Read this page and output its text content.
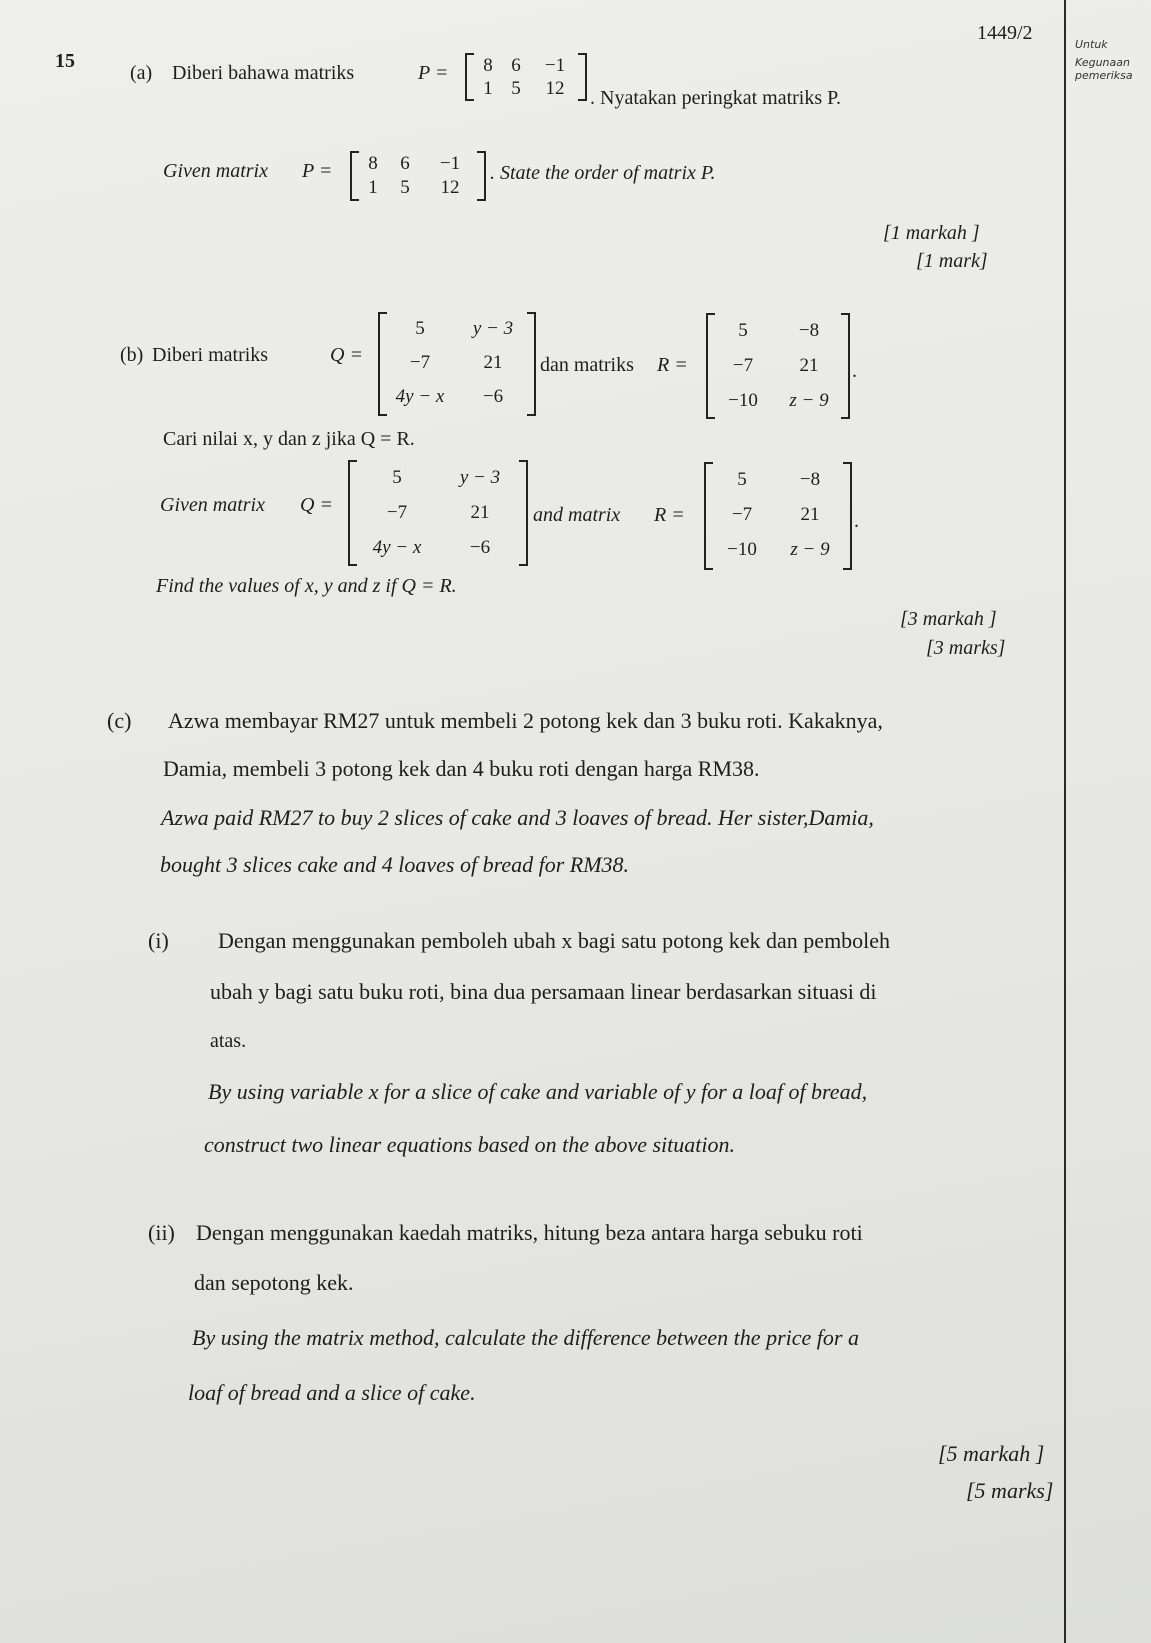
1449/2
Untuk
Kegunaan
pemeriksa
15
(a) Diberi bahawa matriks	P =	8 6	−1
1 5	12	. Nyatakan peringkat matriks P.
Given matrix P =	8	6	−1
1	5	12
. State the order of matrix P.
[1 markah ]
[1 mark]
(b) Diberi matriks	Q =
5	y − 3
−7	21
4y − x	−6
dan matriks R =
5	−8
−7	21
−10	z − 9
.
Cari nilai x, y dan z jika Q = R.
Given matrix Q =
5	y − 3
−7	21
4y − x	−6
and matrix R =
5	−8
−7	21
−10	z − 9
.
Find the values of x, y and z if Q = R.
[3 markah ]
[3 marks]
(c) Azwa membayar RM27 untuk membeli 2 potong kek dan 3 buku roti. Kakaknya,
Damia, membeli 3 potong kek dan 4 buku roti dengan harga RM38.
Azwa paid RM27 to buy 2 slices of cake and 3 loaves of bread. Her sister,Damia,
bought 3 slices cake and 4 loaves of bread for RM38.
(i) Dengan menggunakan pemboleh ubah x bagi satu potong kek dan pemboleh
ubah y bagi satu buku roti, bina dua persamaan linear berdasarkan situasi di
atas.
By using variable x for a slice of cake and variable of y for a loaf of bread,
construct two linear equations based on the above situation.
(ii) Dengan menggunakan kaedah matriks, hitung beza antara harga sebuku roti
dan sepotong kek.
By using the matrix method, calculate the difference between the price for a
loaf of bread and a slice of cake.
[5 markah ]
[5 marks]
